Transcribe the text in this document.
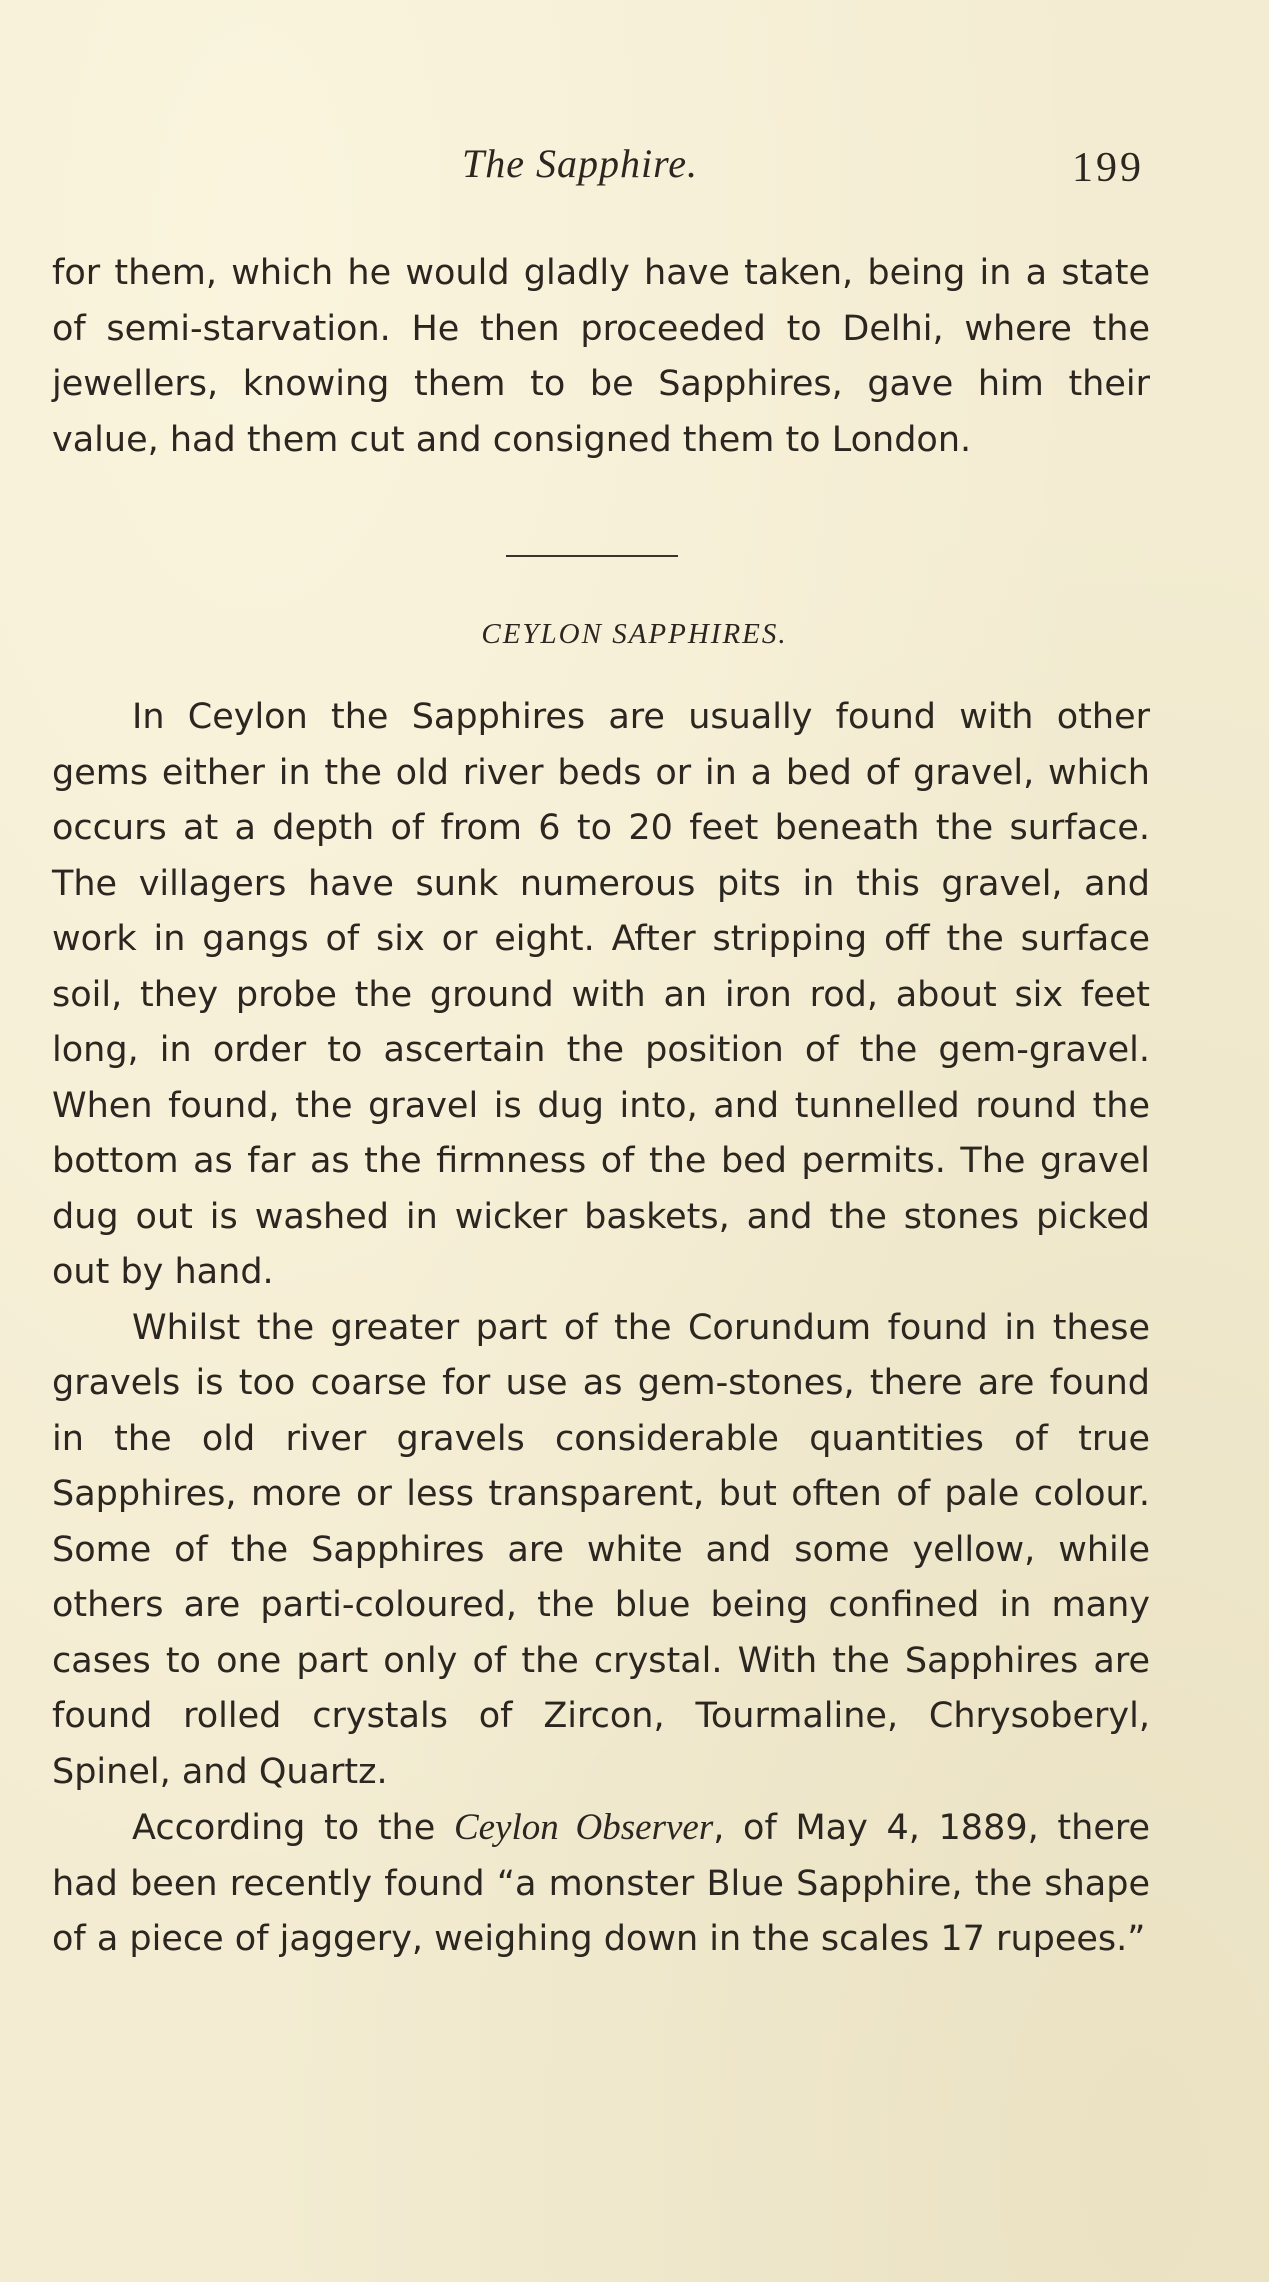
The Sapphire.	199

for them, which he would gladly have taken, being in a state of semi-starvation. He then proceeded to Delhi, where the jewellers, knowing them to be Sapphires, gave him their value, had them cut and consigned them to London.

CEYLON SAPPHIRES.

In Ceylon the Sapphires are usually found with other gems either in the old river beds or in a bed of gravel, which occurs at a depth of from 6 to 20 feet beneath the surface. The villagers have sunk numerous pits in this gravel, and work in gangs of six or eight. After stripping off the surface soil, they probe the ground with an iron rod, about six feet long, in order to ascertain the position of the gem-gravel. When found, the gravel is dug into, and tunnelled round the bottom as far as the firmness of the bed permits. The gravel dug out is washed in wicker baskets, and the stones picked out by hand.

Whilst the greater part of the Corundum found in these gravels is too coarse for use as gem-stones, there are found in the old river gravels considerable quantities of true Sapphires, more or less transparent, but often of pale colour. Some of the Sapphires are white and some yellow, while others are parti-coloured, the blue being confined in many cases to one part only of the crystal. With the Sapphires are found rolled crystals of Zircon, Tourmaline, Chrysoberyl, Spinel, and Quartz.

According to the Ceylon Observer, of May 4, 1889, there had been recently found “a monster Blue Sapphire, the shape of a piece of jaggery, weighing down in the scales 17 rupees.”
